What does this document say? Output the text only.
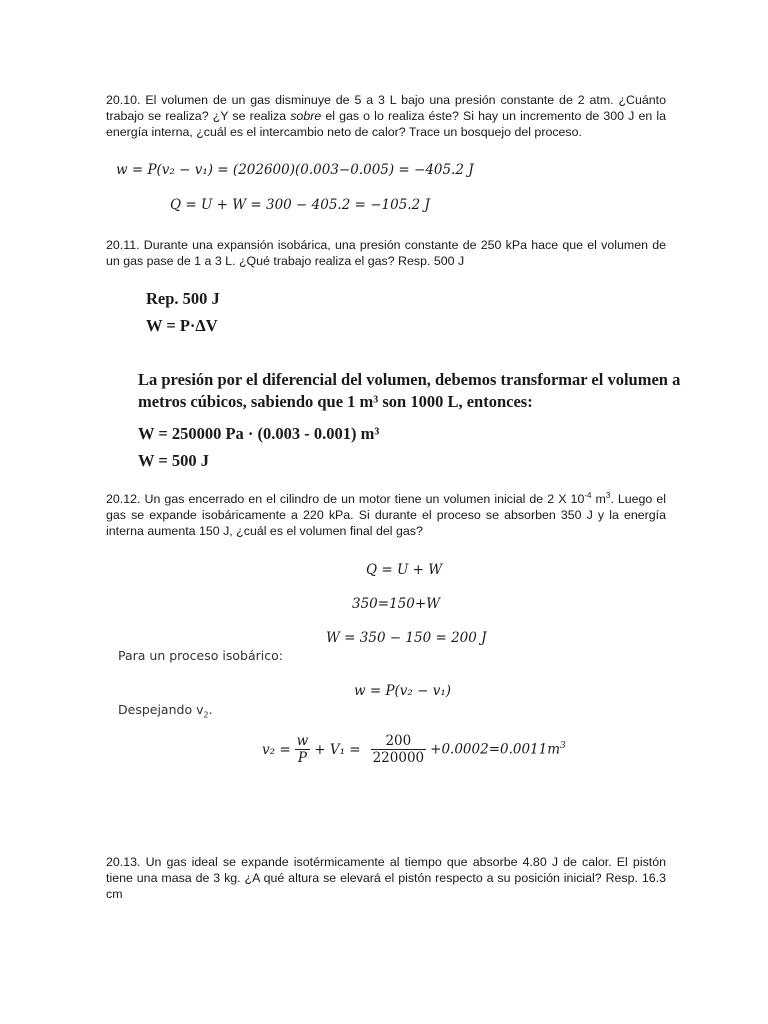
20.10. El volumen de un gas disminuye de 5 a 3 L bajo una presión constante de 2 atm. ¿Cuánto trabajo se realiza? ¿Y se realiza sobre el gas o lo realiza éste? Si hay un incremento de 300 J en la energía interna, ¿cuál es el intercambio neto de calor? Trace un bosquejo del proceso.
w = P(v₂ − v₁) = (202600)(0.003−0.005) = −405.2 J
Q = U + W = 300 − 405.2 = −105.2 J
20.11. Durante una expansión isobárica, una presión constante de 250 kPa hace que el volumen de un gas pase de 1 a 3 L. ¿Qué trabajo realiza el gas? Resp. 500 J
Rep. 500 J
W = P·ΔV
La presión por el diferencial del volumen, debemos transformar el volumen a metros cúbicos, sabiendo que 1 m³ son 1000 L, entonces:
W = 250000 Pa · (0.003 - 0.001) m³
W = 500 J
20.12. Un gas encerrado en el cilindro de un motor tiene un volumen inicial de 2 X $10^{-4}$ $m^3$. Luego el gas se expande isobáricamente a 220 kPa. Si durante el proceso se absorben 350 J y la energía interna aumenta 150 J, ¿cuál es el volumen final del gas?
Q = U + W
350=150+W
W = 350 − 150 = 200 J
Para un proceso isobárico:
w = P(v₂ − v₁)
Despejando $v_2$.
$v_2 = \frac{w}{P} + V_1 = \frac{200}{220000} +0.0002=0.0011m^3$
20.13. Un gas ideal se expande isotérmicamente al tiempo que absorbe 4.80 J de calor. El pistón tiene una masa de 3 kg. ¿A qué altura se elevará el pistón respecto a su posición inicial? Resp. 16.3 cm
